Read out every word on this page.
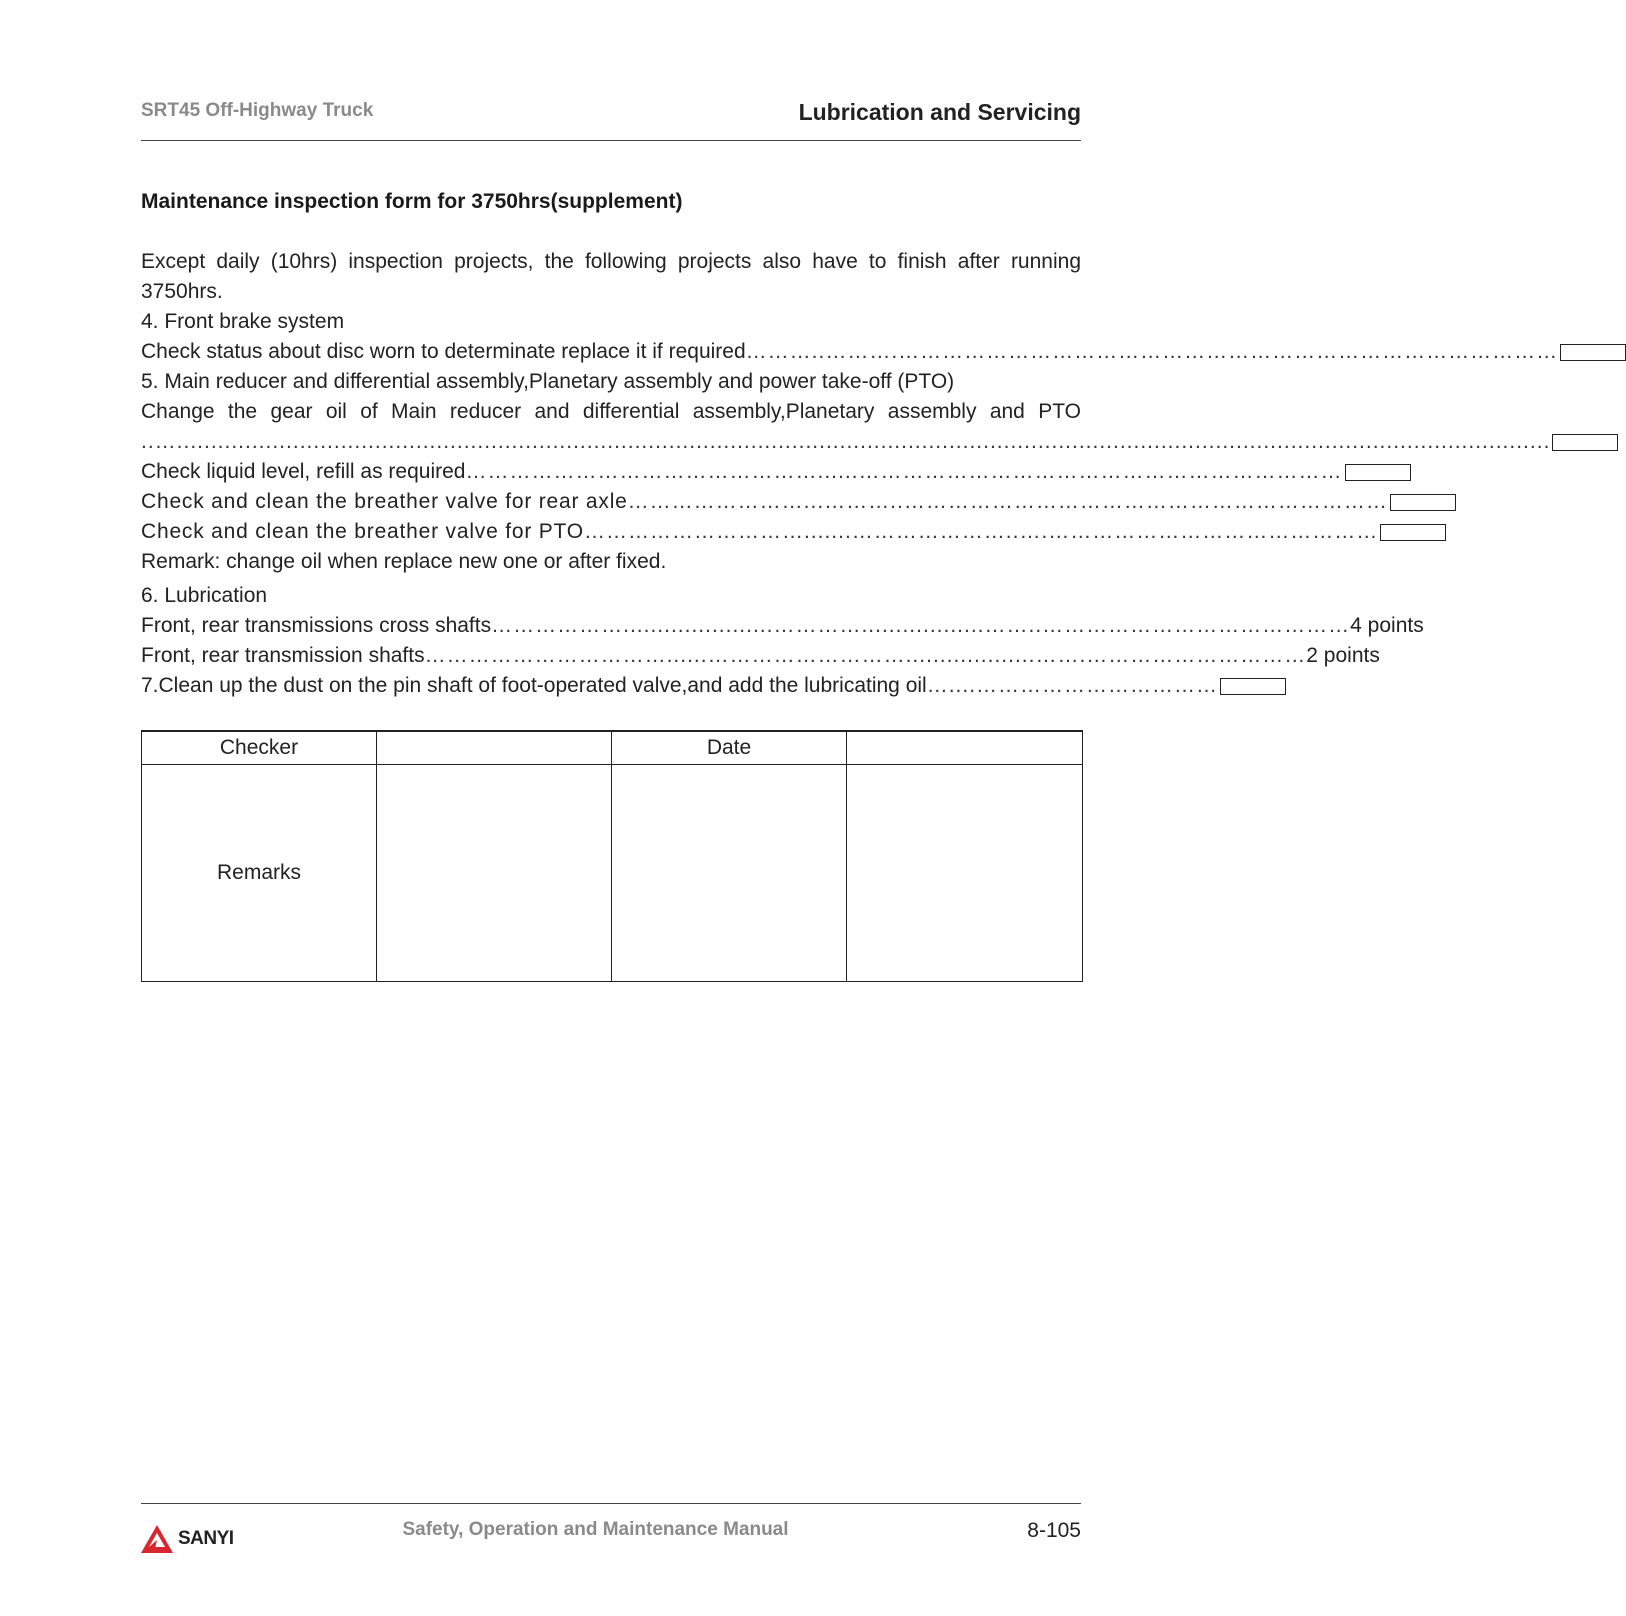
SRT45 Off-Highway Truck	Lubrication and Servicing
Maintenance inspection form for 3750hrs(supplement)
Except daily (10hrs) inspection projects, the following projects also have to finish after running 3750hrs.
4. Front brake system
Check status about disc worn to determinate replace it if required ………..……….………………………………………………………………………………
5. Main reducer and differential assembly,Planetary assembly and power take-off (PTO)
Change the gear oil of Main reducer and differential assembly,Planetary assembly and PTO
..….........................................................................................................................................................................................................
Check liquid level, refill as required …………………………………………......…………………………………………………………
Check and clean the breather valve for rear axle ……………………...………..…………………………………………………………
Check and clean the breather valve for PTO ………………………….......…………………..….………………………………………
Remark: change oil when replace new one or after fixed.
6. Lubrication
Front, rear transmissions cross shafts ………………......................…………..................……..…………………………………… 4 points
Front, rear transmission shafts ……………………………......………………………...................…….………………………… 2 points
7.Clean up the dust on the pin shaft of foot-operated valve,and add the lubricating oil …....……………………………
Checker		Date	
Remarks			
SANYI	Safety, Operation and Maintenance Manual	8-105
